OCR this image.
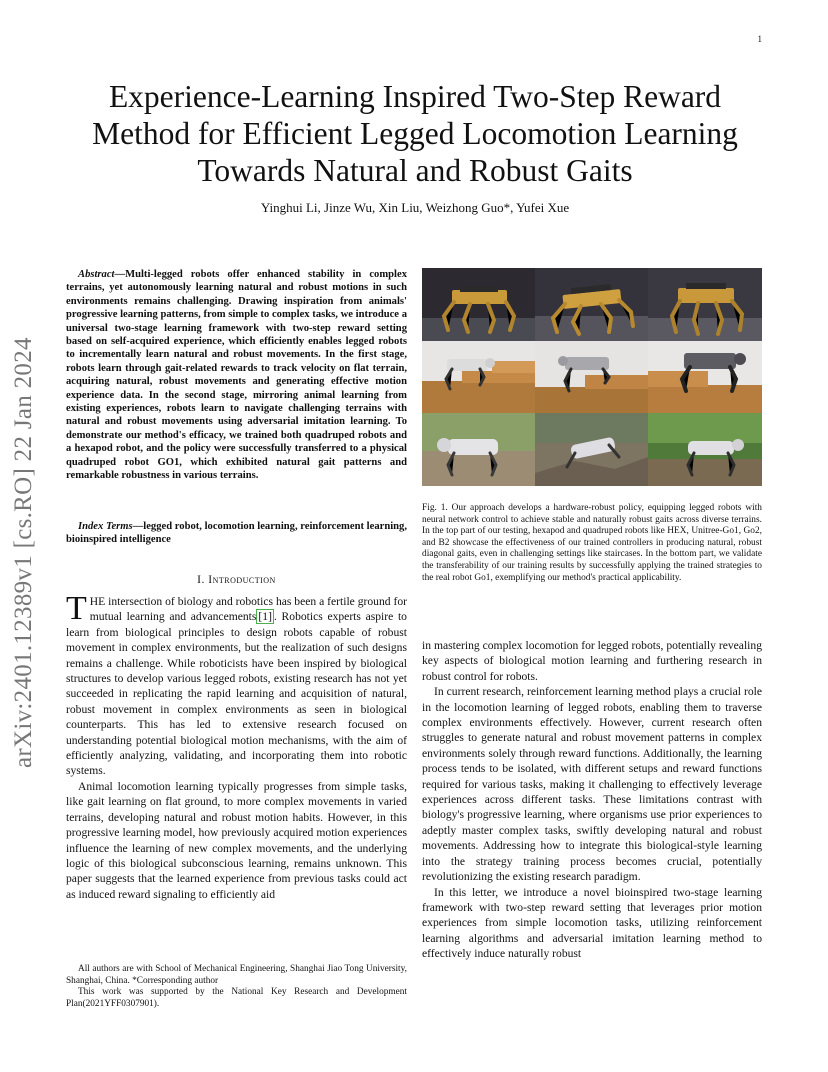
1
arXiv:2401.12389v1 [cs.RO] 22 Jan 2024
Experience-Learning Inspired Two-Step Reward Method for Efficient Legged Locomotion Learning Towards Natural and Robust Gaits
Yinghui Li, Jinze Wu, Xin Liu, Weizhong Guo*, Yufei Xue
Abstract—Multi-legged robots offer enhanced stability in complex terrains, yet autonomously learning natural and robust motions in such environments remains challenging. Drawing inspiration from animals' progressive learning patterns, from simple to complex tasks, we introduce a universal two-stage learning framework with two-step reward setting based on self-acquired experience, which efficiently enables legged robots to incrementally learn natural and robust movements. In the first stage, robots learn through gait-related rewards to track velocity on flat terrain, acquiring natural, robust movements and generating effective motion experience data. In the second stage, mirroring animal learning from existing experiences, robots learn to navigate challenging terrains with natural and robust movements using adversarial imitation learning. To demonstrate our method's efficacy, we trained both quadruped robots and a hexapod robot, and the policy were successfully transferred to a physical quadruped robot GO1, which exhibited natural gait patterns and remarkable robustness in various terrains.
Index Terms—legged robot, locomotion learning, reinforcement learning, bioinspired intelligence
I. Introduction

THE intersection of biology and robotics has been a fertile ground for mutual learning and advancements [1] . Robotics experts aspire to learn from biological principles to design robots capable of robust movement in complex environments, but the realization of such designs remains a challenge. While roboticists have been inspired by biological structures to develop various legged robots, existing research has not yet succeeded in replicating the rapid learning and acquisition of natural, robust movement in complex environments as seen in biological counterparts. This has led to extensive research focused on understanding potential biological motion mechanisms, with the aim of efficiently analyzing, validating, and incorporating them into robotic systems.

Animal locomotion learning typically progresses from simple tasks, like gait learning on flat ground, to more complex movements in varied terrains, developing natural and robust motion habits. However, in this progressive learning model, how previously acquired motion experiences influence the learning of new complex movements, and the underlying logic of this biological subconscious learning, remains unknown. This paper suggests that the learned experience from previous tasks could act as induced reward signaling to efficiently aid

All authors are with School of Mechanical Engineering, Shanghai Jiao Tong University, Shanghai, China. *Corresponding author

This work was supported by the National Key Research and Development Plan(2021YFF0307901).

Fig. 1. Our approach develops a hardware-robust policy, equipping legged robots with neural network control to achieve stable and naturally robust gaits across diverse terrains. In the top part of our testing, hexapod and quadruped robots like HEX, Unitree-Go1, Go2, and B2 showcase the effectiveness of our trained controllers in producing natural, robust diagonal gaits, even in challenging settings like staircases. In the bottom part, we validate the transferability of our training results by successfully applying the trained strategies to the real robot Go1, exemplifying our method's practical applicability.

in mastering complex locomotion for legged robots, potentially revealing key aspects of biological motion learning and furthering research in robust control for robots.

In current research, reinforcement learning method plays a crucial role in the locomotion learning of legged robots, enabling them to traverse complex environments effectively. However, current research often struggles to generate natural and robust movement patterns in complex environments solely through reward functions. Additionally, the learning process tends to be isolated, with different setups and reward functions required for various tasks, making it challenging to effectively leverage experiences across different tasks. These limitations contrast with biology's progressive learning, where organisms use prior experiences to adeptly master complex tasks, swiftly developing natural and robust movements. Addressing how to integrate this biological-style learning into the strategy training process becomes crucial, potentially revolutionizing the existing research paradigm.

In this letter, we introduce a novel bioinspired two-stage learning framework with two-step reward setting that leverages prior motion experiences from simple locomotion tasks, utilizing reinforcement learning algorithms and adversarial imitation learning method to effectively induce naturally robust
